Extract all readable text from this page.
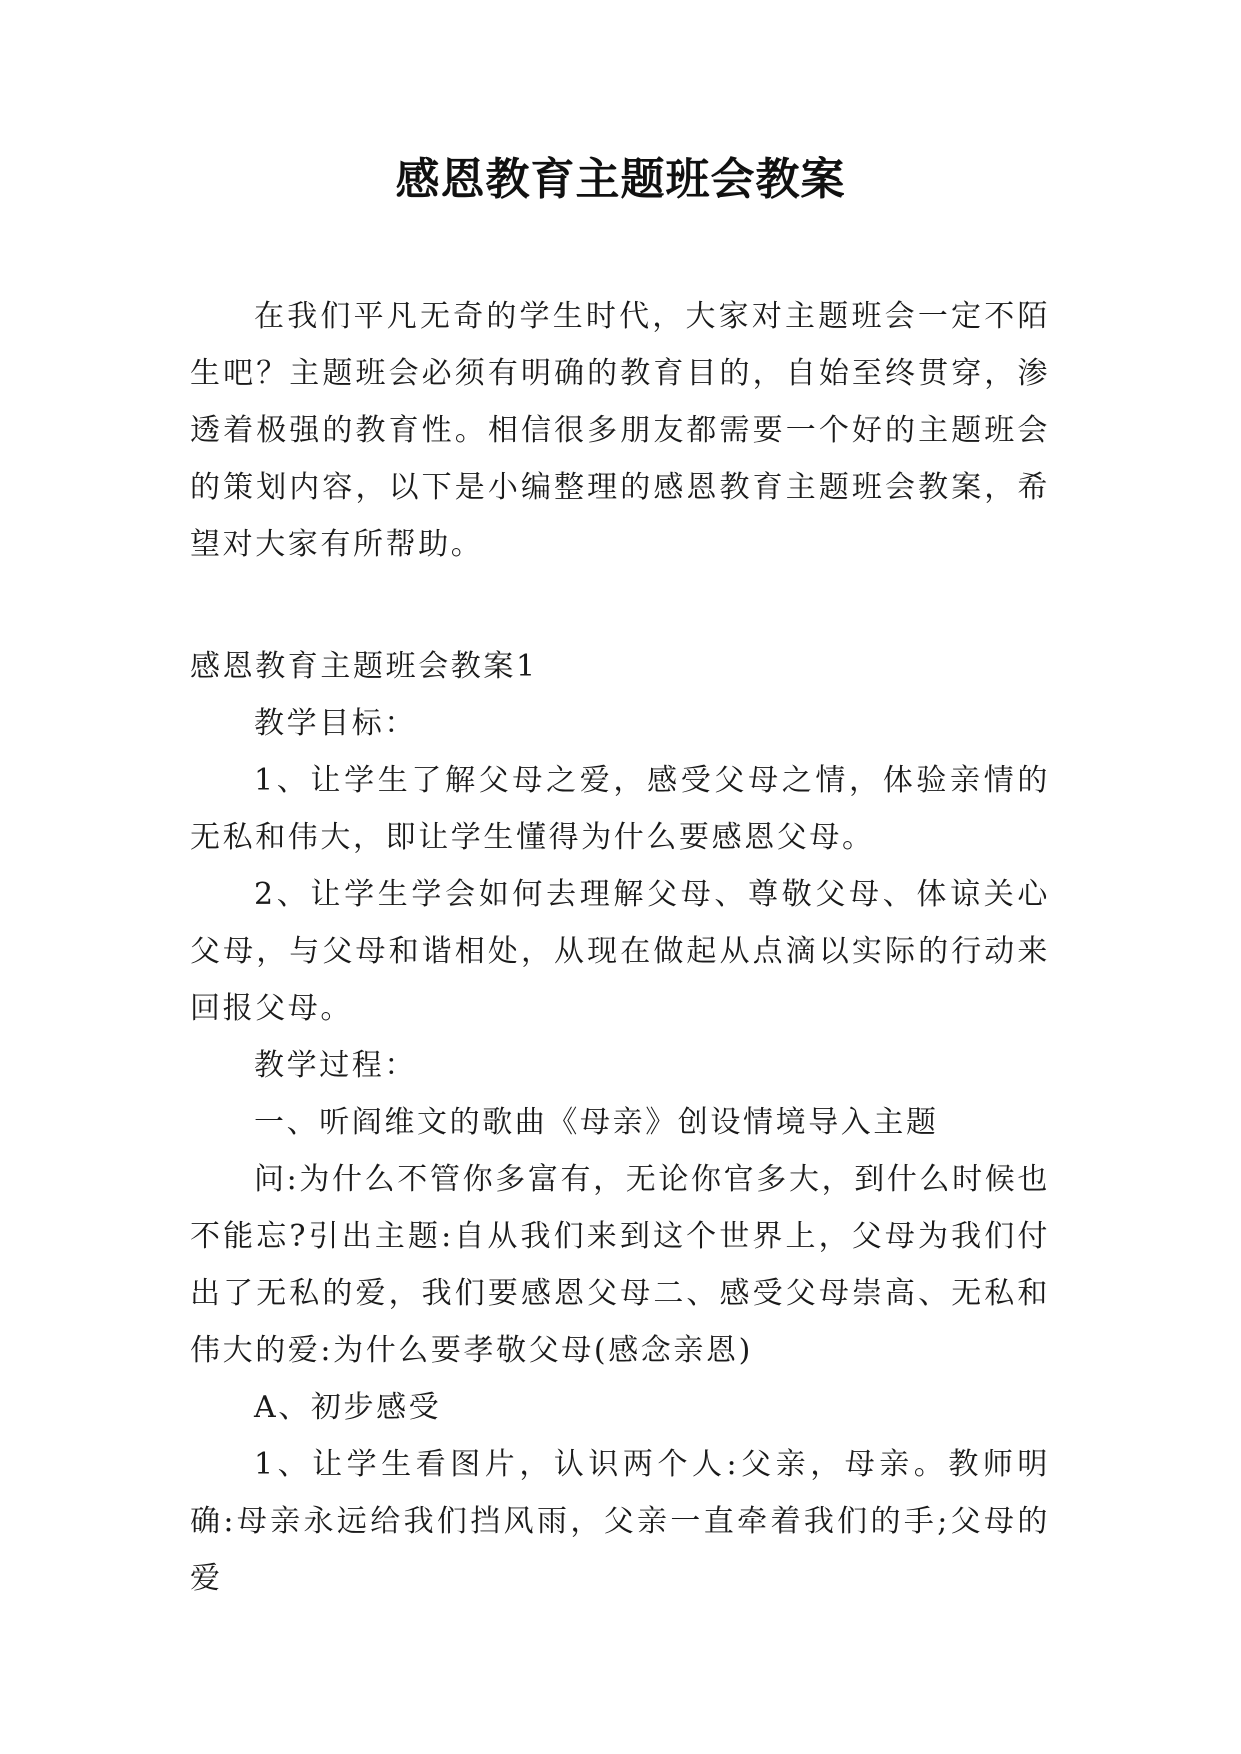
感恩教育主题班会教案

在我们平凡无奇的学生时代，大家对主题班会一定不陌生吧？主题班会必须有明确的教育目的，自始至终贯穿，渗透着极强的教育性。相信很多朋友都需要一个好的主题班会的策划内容，以下是小编整理的感恩教育主题班会教案，希望对大家有所帮助。

感恩教育主题班会教案1

教学目标：

1、让学生了解父母之爱，感受父母之情，体验亲情的无私和伟大，即让学生懂得为什么要感恩父母。

2、让学生学会如何去理解父母、尊敬父母、体谅关心父母，与父母和谐相处，从现在做起从点滴以实际的行动来回报父母。

教学过程：

一、听阎维文的歌曲《母亲》创设情境导入主题

问:为什么不管你多富有，无论你官多大，到什么时候也不能忘?引出主题:自从我们来到这个世界上，父母为我们付出了无私的爱，我们要感恩父母二、感受父母崇高、无私和伟大的爱:为什么要孝敬父母(感念亲恩)

A、初步感受

1、让学生看图片，认识两个人:父亲，母亲。教师明确:母亲永远给我们挡风雨，父亲一直牵着我们的手;父母的爱
